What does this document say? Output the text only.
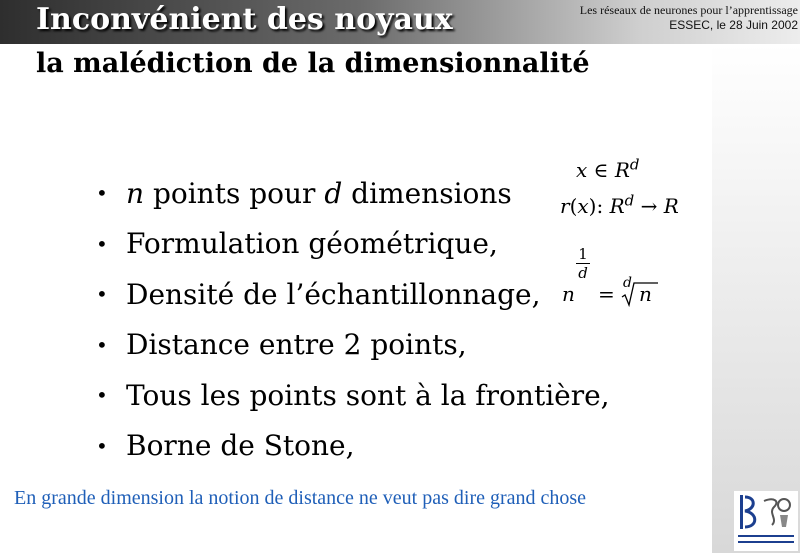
Inconvénient des noyaux
la malédiction de la dimensionnalité
Les réseaux de neurones pour l’apprentissage
ESSEC, le 28 Juin 2002
• n points pour d dimensions
• Formulation géométrique,
• Densité de l’échantillonnage,
• Distance entre 2 points,
• Tous les points sont à la frontière,
• Borne de Stone,
x ∈ $R^d$
r(x): $R^d \to R$
$\frac{1}{d}$
n = d n
En grande dimension la notion de distance ne veut pas dire grand chose
